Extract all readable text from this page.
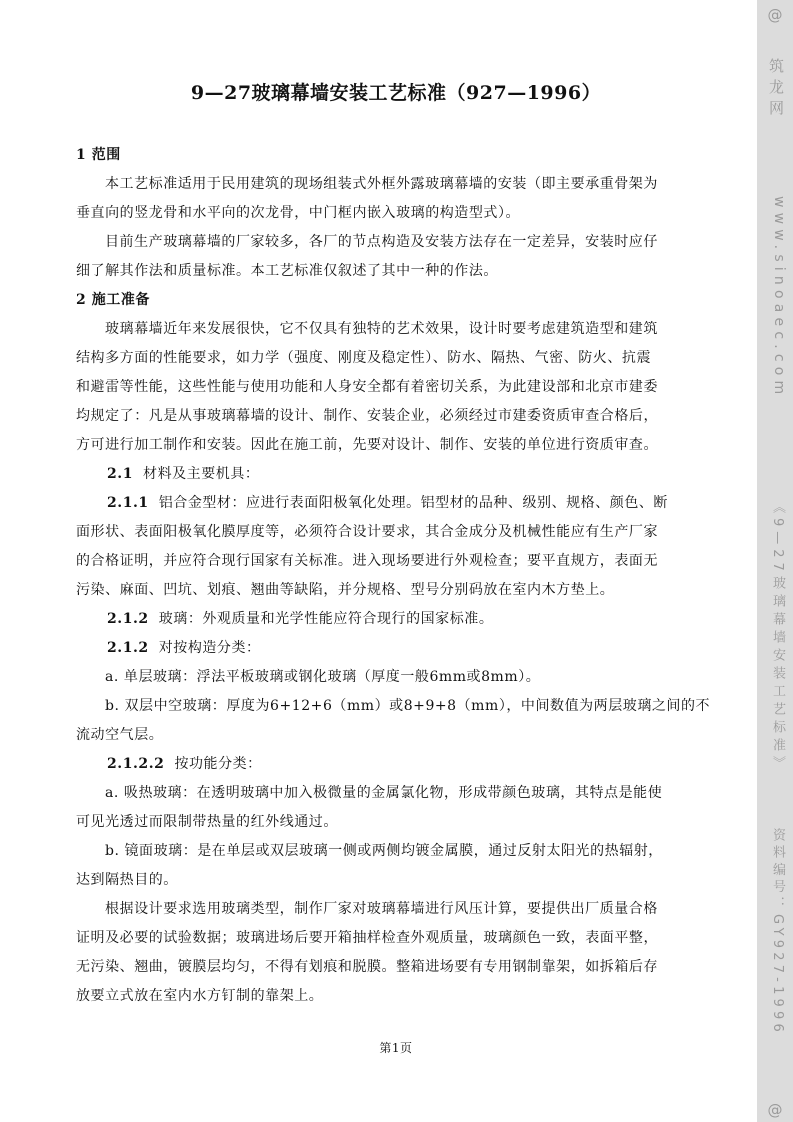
9—27玻璃幕墙安装工艺标准（927—1996）
1 范围
本工艺标准适用于民用建筑的现场组装式外框外露玻璃幕墙的安装（即主要承重骨架为
垂直向的竖龙骨和水平向的次龙骨，中门框内嵌入玻璃的构造型式）。
目前生产玻璃幕墙的厂家较多，各厂的节点构造及安装方法存在一定差异，安装时应仔
细了解其作法和质量标准。本工艺标准仅叙述了其中一种的作法。
2 施工准备
玻璃幕墙近年来发展很快，它不仅具有独特的艺术效果，设计时要考虑建筑造型和建筑
结构多方面的性能要求，如力学（强度、刚度及稳定性）、防水、隔热、气密、防火、抗震
和避雷等性能，这些性能与使用功能和人身安全都有着密切关系，为此建设部和北京市建委
均规定了：凡是从事玻璃幕墙的设计、制作、安装企业，必须经过市建委资质审查合格后，
方可进行加工制作和安装。因此在施工前，先要对设计、制作、安装的单位进行资质审查。
2.1 材料及主要机具：
2.1.1 铝合金型材：应进行表面阳极氧化处理。铝型材的品种、级别、规格、颜色、断
面形状、表面阳极氧化膜厚度等，必须符合设计要求，其合金成分及机械性能应有生产厂家
的合格证明，并应符合现行国家有关标准。进入现场要进行外观检查；要平直规方，表面无
污染、麻面、凹坑、划痕、翘曲等缺陷，并分规格、型号分别码放在室内木方垫上。
2.1.2 玻璃：外观质量和光学性能应符合现行的国家标准。
2.1.2 对按构造分类：
a. 单层玻璃：浮法平板玻璃或钢化玻璃（厚度一般6mm或8mm）。
b. 双层中空玻璃：厚度为6+12+6（mm）或8+9+8（mm），中间数值为两层玻璃之间的不
流动空气层。
2.1.2.2 按功能分类：
a. 吸热玻璃：在透明玻璃中加入极微量的金属氯化物，形成带颜色玻璃，其特点是能使
可见光透过而限制带热量的红外线通过。
b. 镜面玻璃：是在单层或双层玻璃一侧或两侧均镀金属膜，通过反射太阳光的热辐射，
达到隔热目的。
根据设计要求选用玻璃类型，制作厂家对玻璃幕墙进行风压计算，要提供出厂质量合格
证明及必要的试验数据；玻璃进场后要开箱抽样检查外观质量，玻璃颜色一致，表面平整，
无污染、翘曲，镀膜层均匀，不得有划痕和脱膜。整箱进场要有专用钢制靠架，如拆箱后存
放要立式放在室内水方钉制的靠架上。
第1页
@
筑龙网
www.sinoaec.com
《9—27玻璃幕墙安装工艺标准》
资料编号：GY927-1996
@
